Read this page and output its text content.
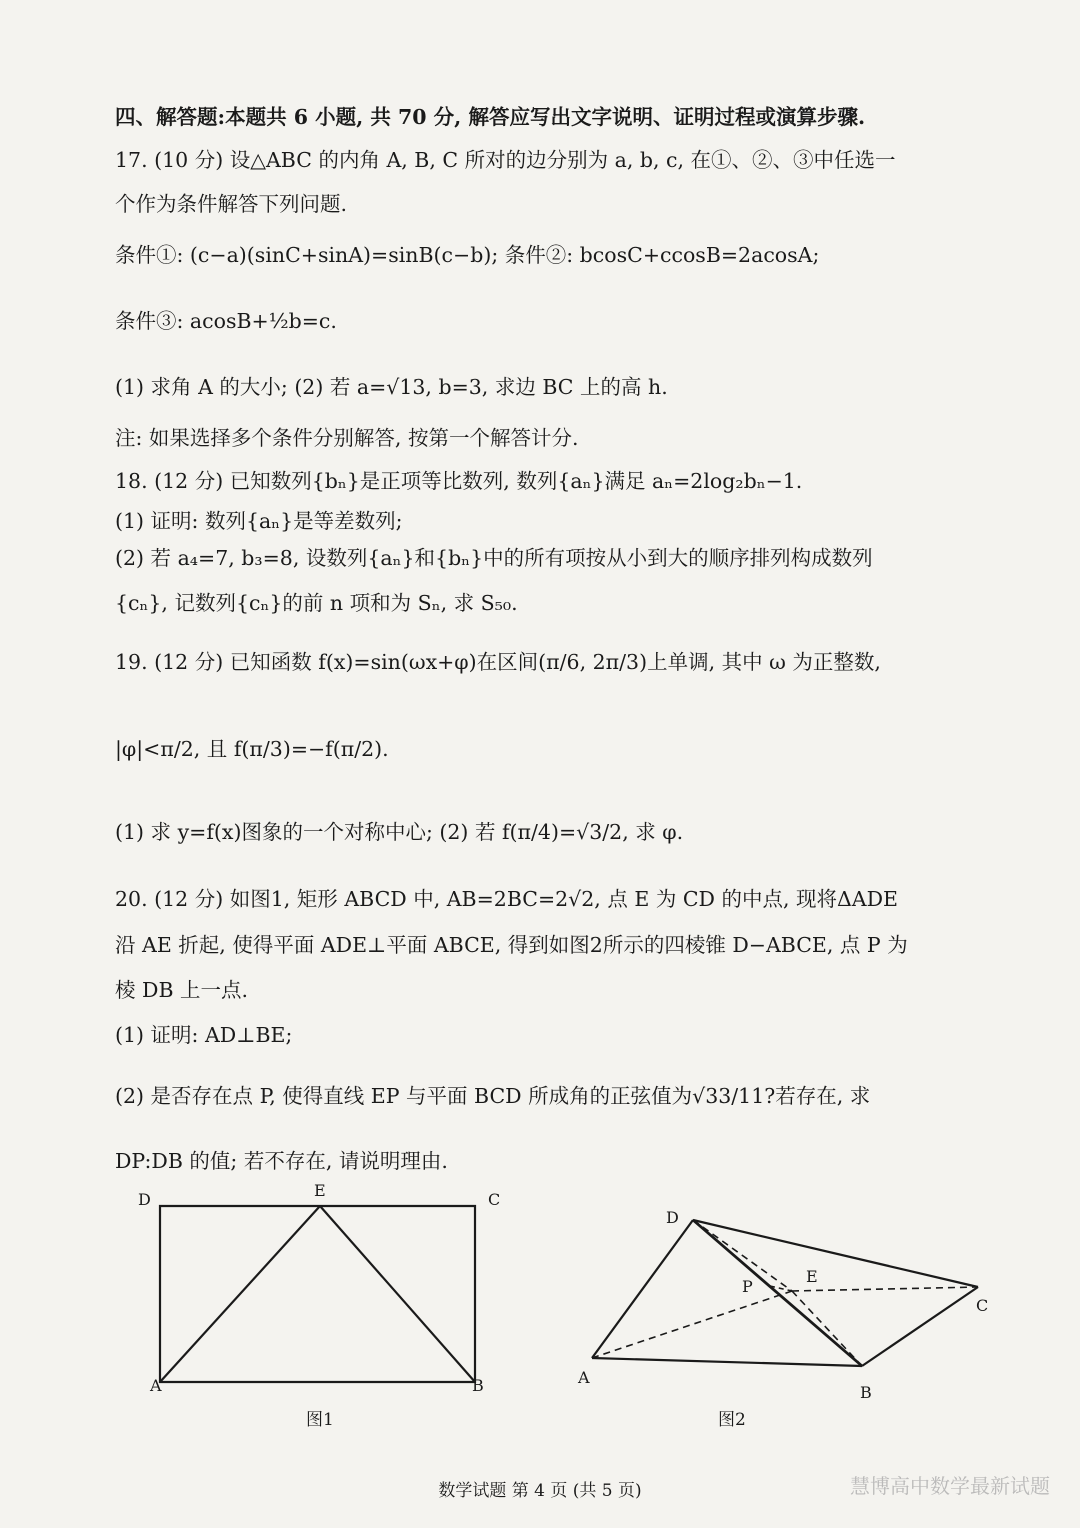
四、解答题:本题共 6 小题, 共 70 分, 解答应写出文字说明、证明过程或演算步骤.
17. (10 分) 设△ABC 的内角 A, B, C 所对的边分别为 a, b, c, 在①、②、③中任选一
个作为条件解答下列问题.
条件①: (c−a)(sinC+sinA)=sinB(c−b); 条件②: bcosC+ccosB=2acosA;
条件③: acosB+½b=c.
(1) 求角 A 的大小; (2) 若 a=√13, b=3, 求边 BC 上的高 h.
注: 如果选择多个条件分别解答, 按第一个解答计分.
18. (12 分) 已知数列{bₙ}是正项等比数列, 数列{aₙ}满足 aₙ=2log₂bₙ−1.
(1) 证明: 数列{aₙ}是等差数列;
(2) 若 a₄=7, b₃=8, 设数列{aₙ}和{bₙ}中的所有项按从小到大的顺序排列构成数列
{cₙ}, 记数列{cₙ}的前 n 项和为 Sₙ, 求 S₅₀.
19. (12 分) 已知函数 f(x)=sin(ωx+φ)在区间(π/6, 2π/3)上单调, 其中 ω 为正整数,
|φ|<π/2, 且 f(π/3)=−f(π/2).
(1) 求 y=f(x)图象的一个对称中心; (2) 若 f(π/4)=√3/2, 求 φ.
20. (12 分) 如图1, 矩形 ABCD 中, AB=2BC=2√2, 点 E 为 CD 的中点, 现将ΔADE
沿 AE 折起, 使得平面 ADE⊥平面 ABCE, 得到如图2所示的四棱锥 D−ABCE, 点 P 为
棱 DB 上一点.
(1) 证明: AD⊥BE;
(2) 是否存在点 P, 使得直线 EP 与平面 BCD 所成角的正弦值为√33/11?若存在, 求
DP:DB 的值; 若不存在, 请说明理由.
D	E	C
A	B
图1
D
E
P
C
A
B
图2
数学试题 第 4 页 (共 5 页)	慧博高中数学最新试题
